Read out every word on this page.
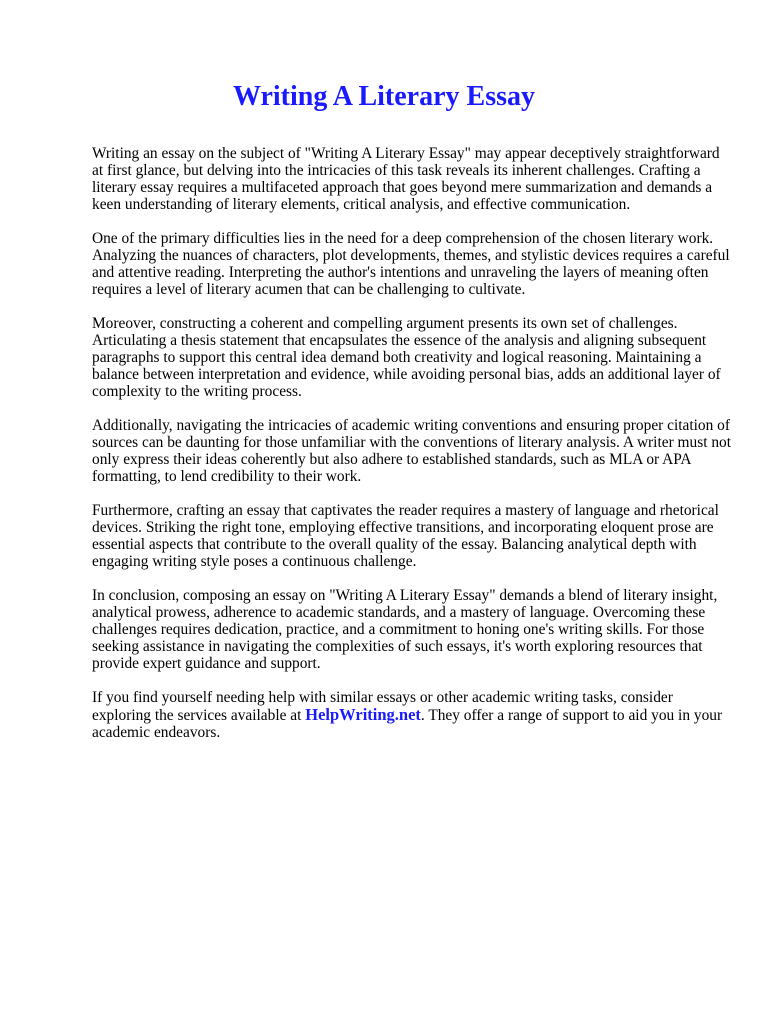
Writing A Literary Essay

Writing an essay on the subject of "Writing A Literary Essay" may appear deceptively straightforward at first glance, but delving into the intricacies of this task reveals its inherent challenges. Crafting a literary essay requires a multifaceted approach that goes beyond mere summarization and demands a keen understanding of literary elements, critical analysis, and effective communication.

One of the primary difficulties lies in the need for a deep comprehension of the chosen literary work. Analyzing the nuances of characters, plot developments, themes, and stylistic devices requires a careful and attentive reading. Interpreting the author's intentions and unraveling the layers of meaning often requires a level of literary acumen that can be challenging to cultivate.

Moreover, constructing a coherent and compelling argument presents its own set of challenges. Articulating a thesis statement that encapsulates the essence of the analysis and aligning subsequent paragraphs to support this central idea demand both creativity and logical reasoning. Maintaining a balance between interpretation and evidence, while avoiding personal bias, adds an additional layer of complexity to the writing process.

Additionally, navigating the intricacies of academic writing conventions and ensuring proper citation of sources can be daunting for those unfamiliar with the conventions of literary analysis. A writer must not only express their ideas coherently but also adhere to established standards, such as MLA or APA formatting, to lend credibility to their work.

Furthermore, crafting an essay that captivates the reader requires a mastery of language and rhetorical devices. Striking the right tone, employing effective transitions, and incorporating eloquent prose are essential aspects that contribute to the overall quality of the essay. Balancing analytical depth with engaging writing style poses a continuous challenge.

In conclusion, composing an essay on "Writing A Literary Essay" demands a blend of literary insight, analytical prowess, adherence to academic standards, and a mastery of language. Overcoming these challenges requires dedication, practice, and a commitment to honing one's writing skills. For those seeking assistance in navigating the complexities of such essays, it's worth exploring resources that provide expert guidance and support.

If you find yourself needing help with similar essays or other academic writing tasks, consider exploring the services available at HelpWriting.net. They offer a range of support to aid you in your academic endeavors.
